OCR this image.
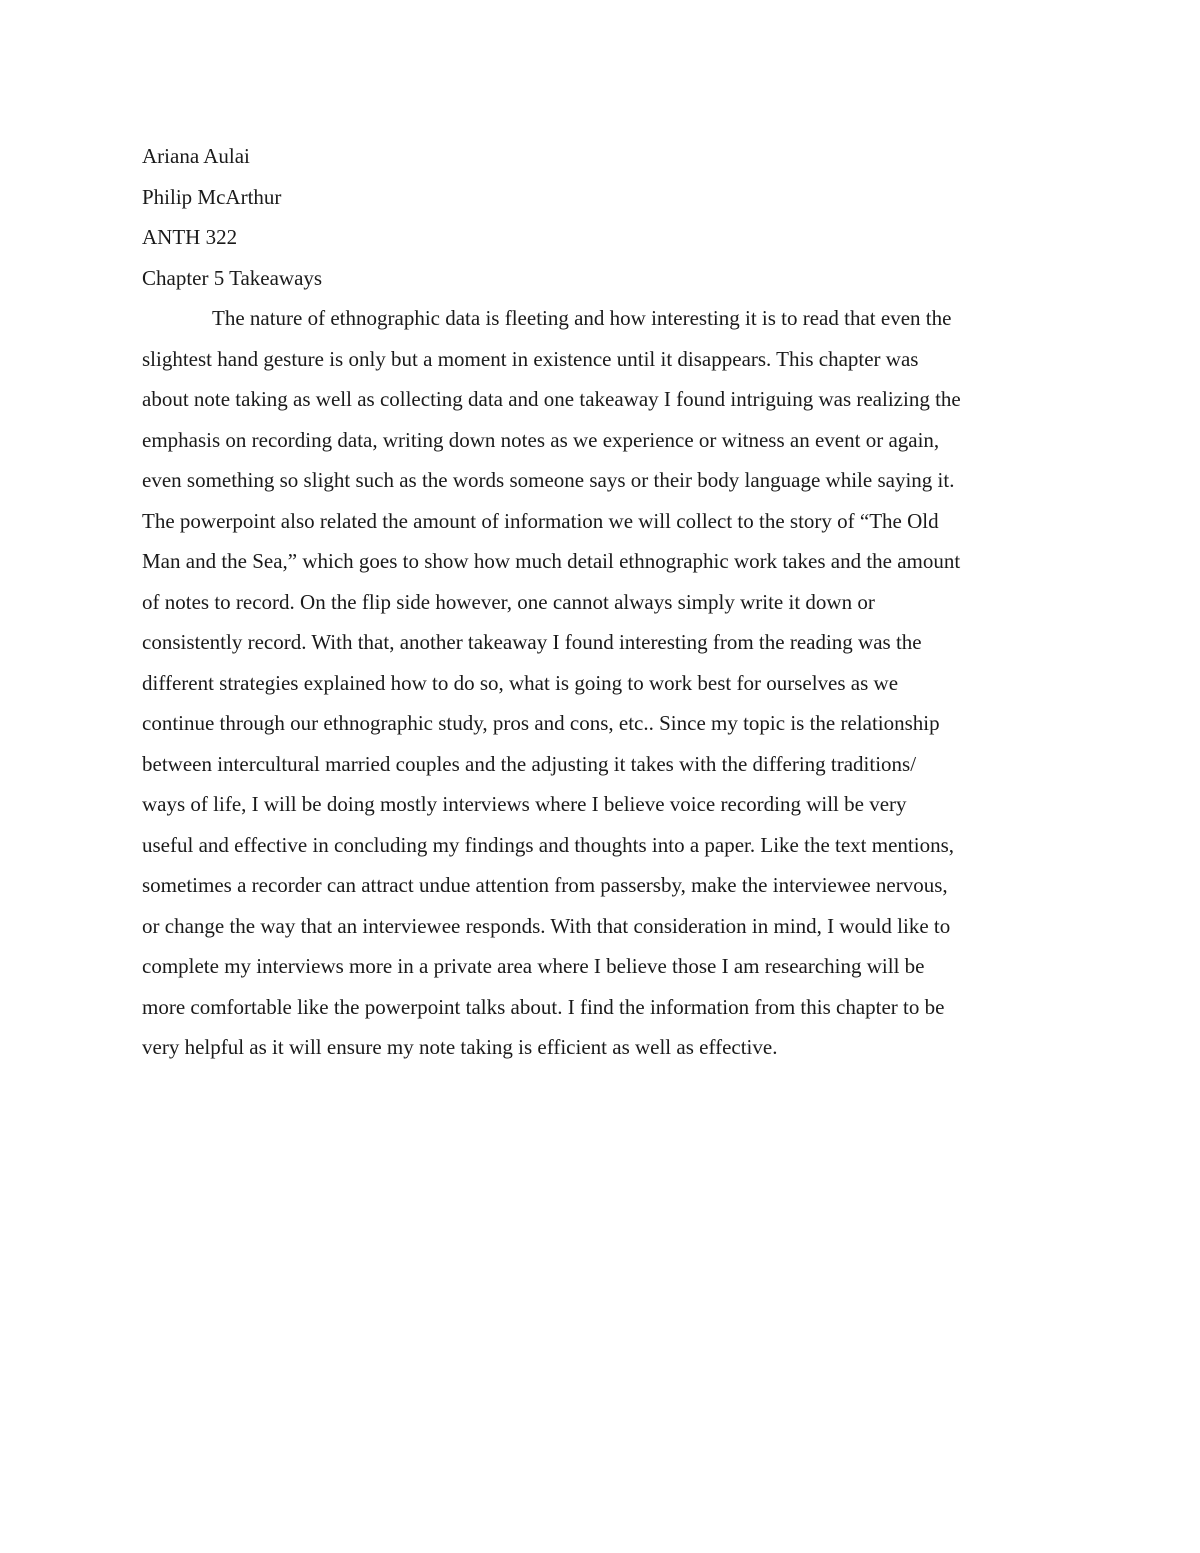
Ariana Aulai
Philip McArthur
ANTH 322
Chapter 5 Takeaways
The nature of ethnographic data is fleeting and how interesting it is to read that even the
slightest hand gesture is only but a moment in existence until it disappears. This chapter was
about note taking as well as collecting data and one takeaway I found intriguing was realizing the
emphasis on recording data, writing down notes as we experience or witness an event or again,
even something so slight such as the words someone says or their body language while saying it.
The powerpoint also related the amount of information we will collect to the story of “The Old
Man and the Sea,” which goes to show how much detail ethnographic work takes and the amount
of notes to record. On the flip side however, one cannot always simply write it down or
consistently record. With that, another takeaway I found interesting from the reading was the
different strategies explained how to do so, what is going to work best for ourselves as we
continue through our ethnographic study, pros and cons, etc.. Since my topic is the relationship
between intercultural married couples and the adjusting it takes with the differing traditions/
ways of life, I will be doing mostly interviews where I believe voice recording will be very
useful and effective in concluding my findings and thoughts into a paper. Like the text mentions,
sometimes a recorder can attract undue attention from passersby, make the interviewee nervous,
or change the way that an interviewee responds. With that consideration in mind, I would like to
complete my interviews more in a private area where I believe those I am researching will be
more comfortable like the powerpoint talks about. I find the information from this chapter to be
very helpful as it will ensure my note taking is efficient as well as effective.
